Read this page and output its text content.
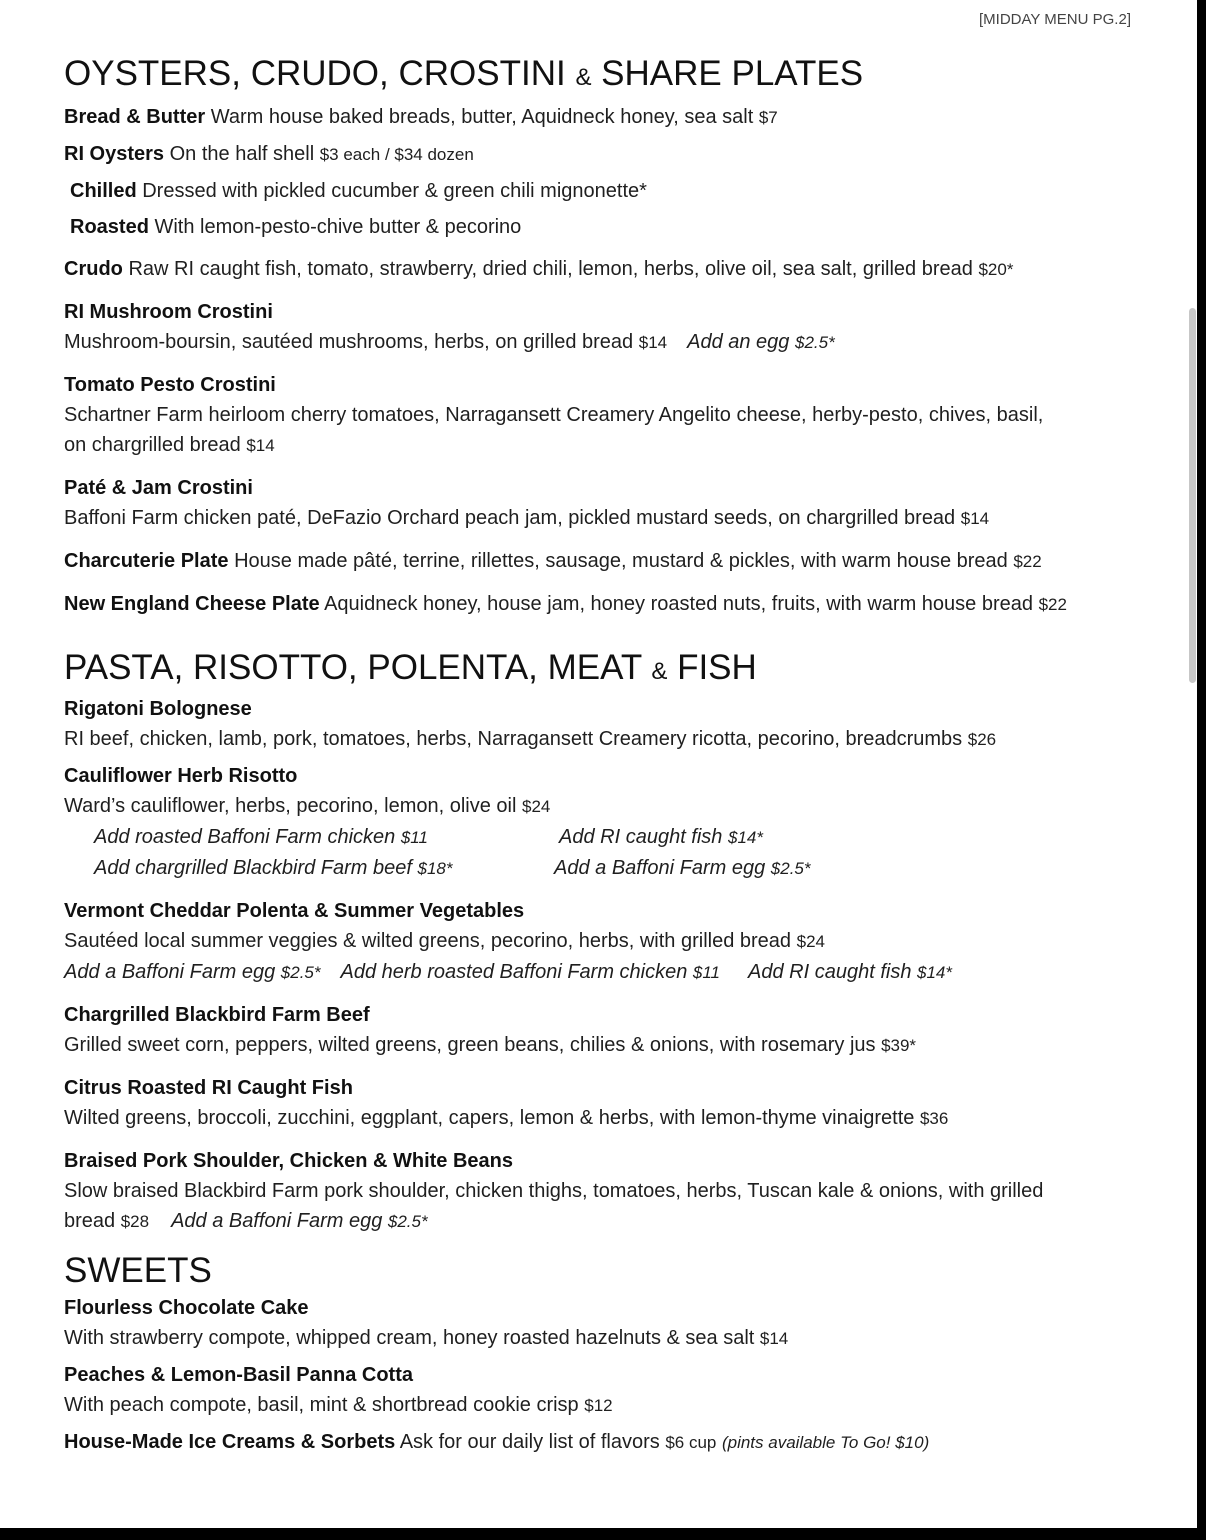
[MIDDAY MENU PG.2]
OYSTERS, CRUDO, CROSTINI & SHARE PLATES
Bread & Butter Warm house baked breads, butter, Aquidneck honey, sea salt $7
RI Oysters On the half shell $3 each / $34 dozen
Chilled Dressed with pickled cucumber & green chili mignonette*
Roasted With lemon-pesto-chive butter & pecorino
Crudo Raw RI caught fish, tomato, strawberry, dried chili, lemon, herbs, olive oil, sea salt, grilled bread $20*
RI Mushroom Crostini
Mushroom-boursin, sautéed mushrooms, herbs, on grilled bread $14 Add an egg $2.5*
Tomato Pesto Crostini
Schartner Farm heirloom cherry tomatoes, Narragansett Creamery Angelito cheese, herby-pesto, chives, basil,
on chargrilled bread $14
Paté & Jam Crostini
Baffoni Farm chicken paté, DeFazio Orchard peach jam, pickled mustard seeds, on chargrilled bread $14
Charcuterie Plate House made pâté, terrine, rillettes, sausage, mustard & pickles, with warm house bread $22
New England Cheese Plate Aquidneck honey, house jam, honey roasted nuts, fruits, with warm house bread $22
PASTA, RISOTTO, POLENTA, MEAT & FISH
Rigatoni Bolognese
RI beef, chicken, lamb, pork, tomatoes, herbs, Narragansett Creamery ricotta, pecorino, breadcrumbs $26
Cauliflower Herb Risotto
Ward’s cauliflower, herbs, pecorino, lemon, olive oil $24
Add roasted Baffoni Farm chicken $11	Add RI caught fish $14*
Add chargrilled Blackbird Farm beef $18*	Add a Baffoni Farm egg $2.5*
Vermont Cheddar Polenta & Summer Vegetables
Sautéed local summer veggies & wilted greens, pecorino, herbs, with grilled bread $24
Add a Baffoni Farm egg $2.5* Add herb roasted Baffoni Farm chicken $11 Add RI caught fish $14*
Chargrilled Blackbird Farm Beef
Grilled sweet corn, peppers, wilted greens, green beans, chilies & onions, with rosemary jus $39*
Citrus Roasted RI Caught Fish
Wilted greens, broccoli, zucchini, eggplant, capers, lemon & herbs, with lemon-thyme vinaigrette $36
Braised Pork Shoulder, Chicken & White Beans
Slow braised Blackbird Farm pork shoulder, chicken thighs, tomatoes, herbs, Tuscan kale & onions, with grilled
bread $28 Add a Baffoni Farm egg $2.5*
SWEETS
Flourless Chocolate Cake
With strawberry compote, whipped cream, honey roasted hazelnuts & sea salt $14
Peaches & Lemon-Basil Panna Cotta
With peach compote, basil, mint & shortbread cookie crisp $12
House-Made Ice Creams & Sorbets Ask for our daily list of flavors $6 cup (pints available To Go! $10)
